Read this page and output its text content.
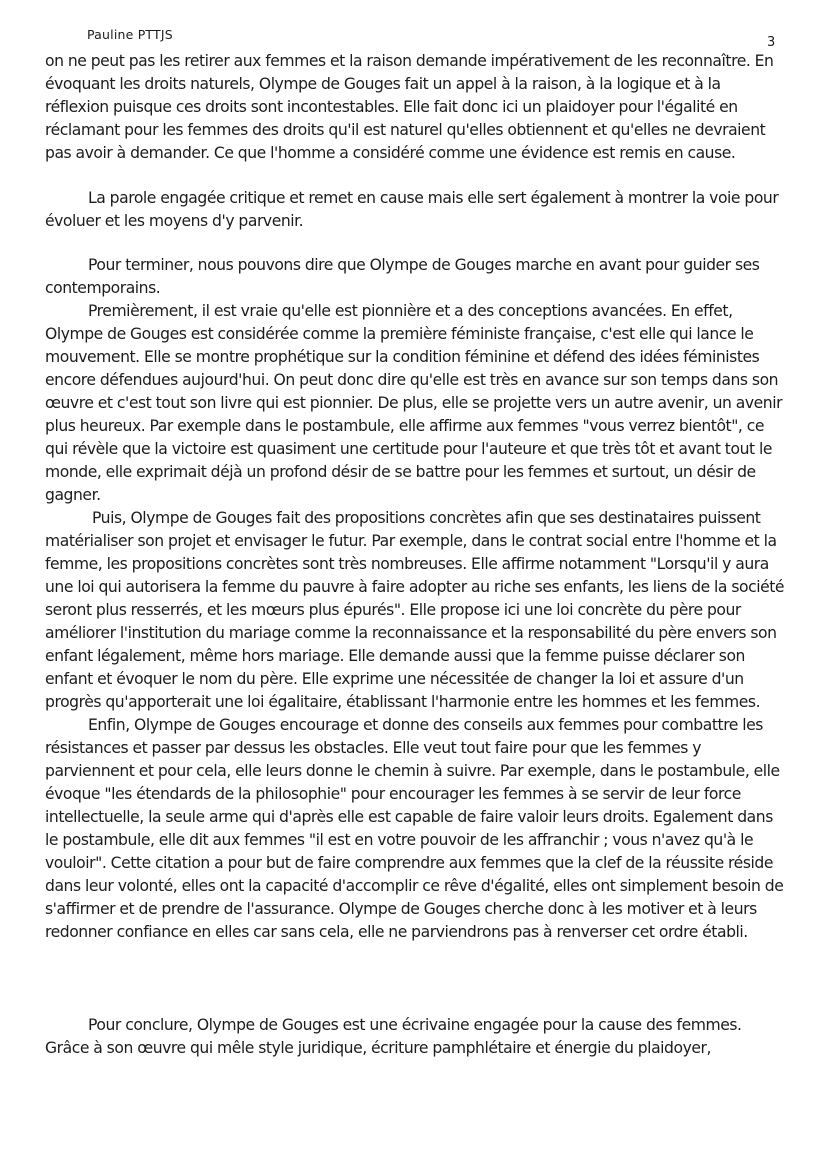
Pauline PTTJS
3

on ne peut pas les retirer aux femmes et la raison demande impérativement de les reconnaître. En évoquant les droits naturels, Olympe de Gouges fait un appel à la raison, à la logique et à la réflexion puisque ces droits sont incontestables. Elle fait donc ici un plaidoyer pour l'égalité en réclamant pour les femmes des droits qu'il est naturel qu'elles obtiennent et qu'elles ne devraient pas avoir à demander. Ce que l'homme a considéré comme une évidence est remis en cause.

La parole engagée critique et remet en cause mais elle sert également à montrer la voie pour évoluer et les moyens d'y parvenir.

Pour terminer, nous pouvons dire que Olympe de Gouges marche en avant pour guider ses contemporains.

Premièrement, il est vraie qu'elle est pionnière et a des conceptions avancées. En effet, Olympe de Gouges est considérée comme la première féministe française, c'est elle qui lance le mouvement. Elle se montre prophétique sur la condition féminine et défend des idées féministes encore défendues aujourd'hui. On peut donc dire qu'elle est très en avance sur son temps dans son œuvre et c'est tout son livre qui est pionnier. De plus, elle se projette vers un autre avenir, un avenir plus heureux. Par exemple dans le postambule, elle affirme aux femmes "vous verrez bientôt", ce qui révèle que la victoire est quasiment une certitude pour l'auteure et que très tôt et avant tout le monde, elle exprimait déjà un profond désir de se battre pour les femmes et surtout, un désir de gagner.

Puis, Olympe de Gouges fait des propositions concrètes afin que ses destinataires puissent matérialiser son projet et envisager le futur. Par exemple, dans le contrat social entre l'homme et la femme, les propositions concrètes sont très nombreuses. Elle affirme notamment "Lorsqu'il y aura une loi qui autorisera la femme du pauvre à faire adopter au riche ses enfants, les liens de la société seront plus resserrés, et les mœurs plus épurés". Elle propose ici une loi concrète du père pour améliorer l'institution du mariage comme la reconnaissance et la responsabilité du père envers son enfant légalement, même hors mariage. Elle demande aussi que la femme puisse déclarer son enfant et évoquer le nom du père. Elle exprime une nécessitée de changer la loi et assure d'un progrès qu'apporterait une loi égalitaire, établissant l'harmonie entre les hommes et les femmes.

Enfin, Olympe de Gouges encourage et donne des conseils aux femmes pour combattre les résistances et passer par dessus les obstacles. Elle veut tout faire pour que les femmes y parviennent et pour cela, elle leurs donne le chemin à suivre. Par exemple, dans le postambule, elle évoque "les étendards de la philosophie" pour encourager les femmes à se servir de leur force intellectuelle, la seule arme qui d'après elle est capable de faire valoir leurs droits. Egalement dans le postambule, elle dit aux femmes "il est en votre pouvoir de les affranchir ; vous n'avez qu'à le vouloir". Cette citation a pour but de faire comprendre aux femmes que la clef de la réussite réside dans leur volonté, elles ont la capacité d'accomplir ce rêve d'égalité, elles ont simplement besoin de s'affirmer et de prendre de l'assurance. Olympe de Gouges cherche donc à les motiver et à leurs redonner confiance en elles car sans cela, elle ne parviendrons pas à renverser cet ordre établi.

Pour conclure, Olympe de Gouges est une écrivaine engagée pour la cause des femmes. Grâce à son œuvre qui mêle style juridique, écriture pamphlétaire et énergie du plaidoyer,
